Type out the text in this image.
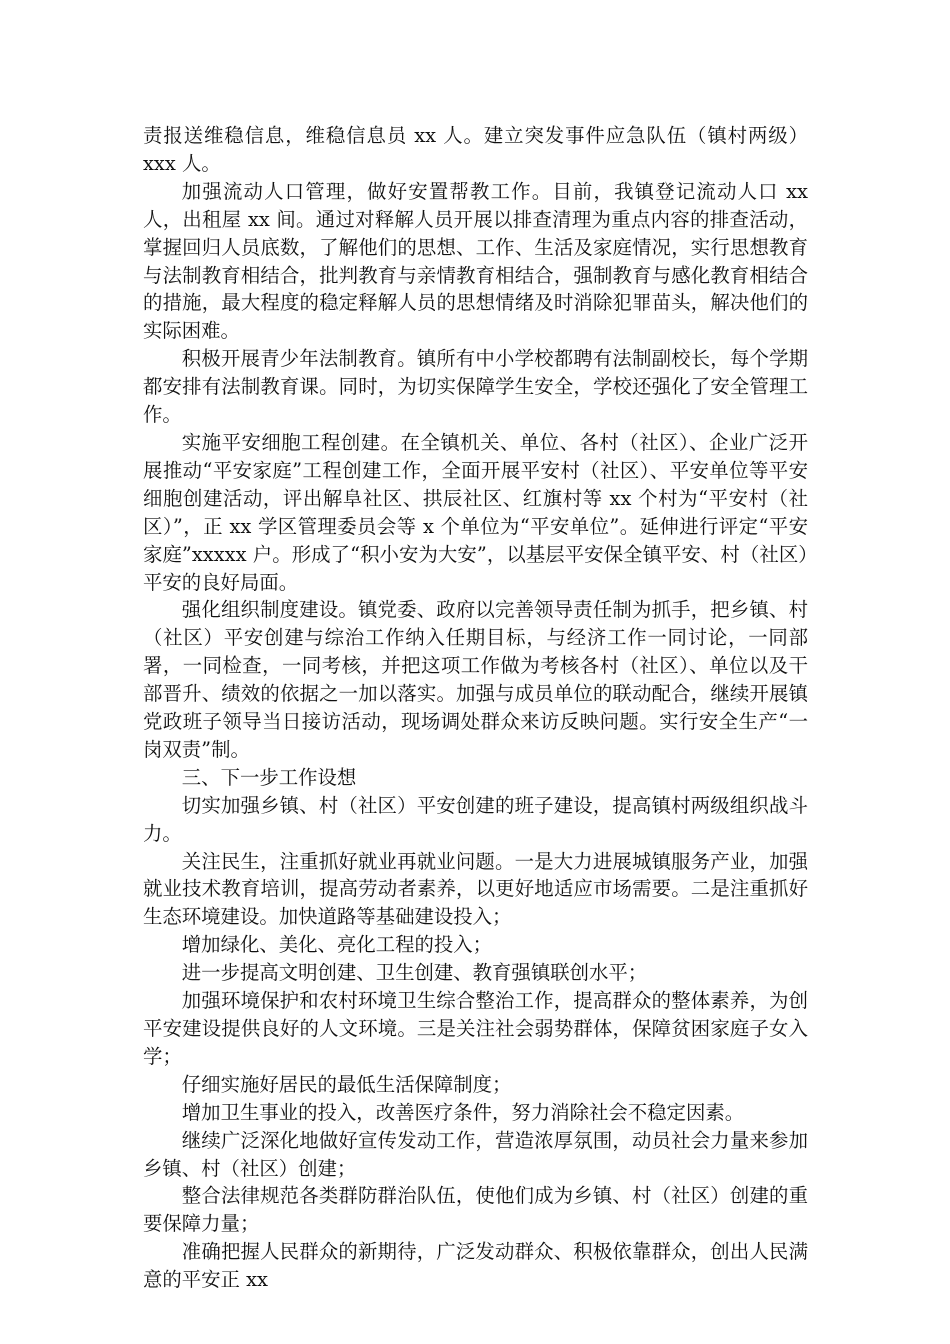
责报送维稳信息，维稳信息员 xx 人。建立突发事件应急队伍（镇村两级）xxx 人。

加强流动人口管理，做好安置帮教工作。目前，我镇登记流动人口 xx 人，出租屋 xx 间。通过对释解人员开展以排查清理为重点内容的排查活动，掌握回归人员底数，了解他们的思想、工作、生活及家庭情况，实行思想教育与法制教育相结合，批判教育与亲情教育相结合，强制教育与感化教育相结合的措施，最大程度的稳定释解人员的思想情绪及时消除犯罪苗头，解决他们的实际困难。

积极开展青少年法制教育。镇所有中小学校都聘有法制副校长，每个学期都安排有法制教育课。同时，为切实保障学生安全，学校还强化了安全管理工作。

实施平安细胞工程创建。在全镇机关、单位、各村（社区）、企业广泛开展推动“平安家庭”工程创建工作，全面开展平安村（社区）、平安单位等平安细胞创建活动，评出解阜社区、拱辰社区、红旗村等 xx 个村为“平安村（社区）”，正 xx 学区管理委员会等 x 个单位为“平安单位”。延伸进行评定“平安家庭”xxxxx 户。形成了“积小安为大安”，以基层平安保全镇平安、村（社区）平安的良好局面。

强化组织制度建设。镇党委、政府以完善领导责任制为抓手，把乡镇、村（社区）平安创建与综治工作纳入任期目标，与经济工作一同讨论，一同部署，一同检查，一同考核，并把这项工作做为考核各村（社区）、单位以及干部晋升、绩效的依据之一加以落实。加强与成员单位的联动配合，继续开展镇党政班子领导当日接访活动，现场调处群众来访反映问题。实行安全生产“一岗双责”制。

三、下一步工作设想

切实加强乡镇、村（社区）平安创建的班子建设，提高镇村两级组织战斗力。

关注民生，注重抓好就业再就业问题。一是大力进展城镇服务产业，加强就业技术教育培训，提高劳动者素养，以更好地适应市场需要。二是注重抓好生态环境建设。加快道路等基础建设投入；

增加绿化、美化、亮化工程的投入；

进一步提高文明创建、卫生创建、教育强镇联创水平；

加强环境保护和农村环境卫生综合整治工作，提高群众的整体素养，为创平安建设提供良好的人文环境。三是关注社会弱势群体，保障贫困家庭子女入学；

仔细实施好居民的最低生活保障制度；

增加卫生事业的投入，改善医疗条件，努力消除社会不稳定因素。

继续广泛深化地做好宣传发动工作，营造浓厚氛围，动员社会力量来参加乡镇、村（社区）创建；

整合法律规范各类群防群治队伍，使他们成为乡镇、村（社区）创建的重要保障力量；

准确把握人民群众的新期待，广泛发动群众、积极依靠群众，创出人民满意的平安正 xx
